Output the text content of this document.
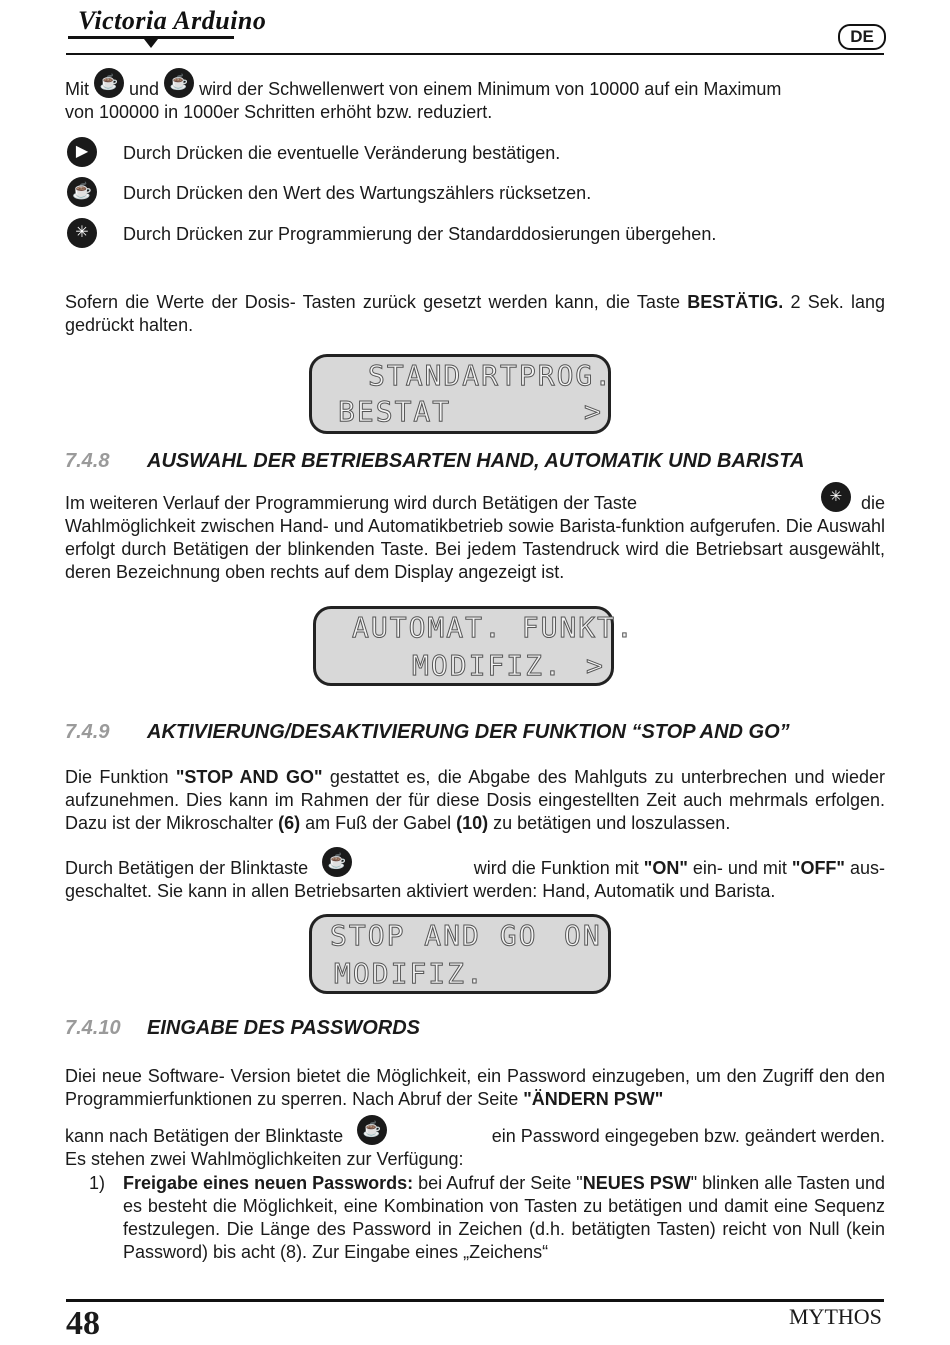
Victoria Arduino
DE
Mit ☕ und ☕ wird der Schwellenwert von einem Minimum von 10000 auf ein Maximum
von 100000 in 1000er Schritten erhöht bzw. reduziert.
▶	Durch Drücken die eventuelle Veränderung bestätigen.
☕ Durch Drücken den Wert des Wartungszählers rücksetzen.
✳	Durch Drücken zur Programmierung der Standarddosierungen übergehen.
Sofern die Werte der Dosis- Tasten zurück gesetzt werden kann, die Taste BESTÄTIG. 2 Sek. lang gedrückt halten.
STANDARTPROG.
BESTAT	>
7.4.8 AUSWAHL DER BETRIEBSARTEN HAND, AUTOMATIK UND BARISTA
Im weiteren Verlauf der Programmierung wird durch Betätigen der Taste	✳	die
Wahlmöglichkeit zwischen Hand- und Automatikbetrieb sowie Barista-funktion aufgerufen. Die Auswahl erfolgt durch Betätigen der blinkenden Taste. Bei jedem Tastendruck wird die Betriebsart ausgewählt, deren Bezeichnung oben rechts auf dem Display angezeigt ist.
AUTOMAT. FUNKT.
MODIFIZ. >
7.4.9 AKTIVIERUNG/DESAKTIVIERUNG DER FUNKTION “STOP AND GO”
Die Funktion "STOP AND GO" gestattet es, die Abgabe des Mahlguts zu unterbrechen und wieder aufzunehmen. Dies kann im Rahmen der für diese Dosis eingestellten Zeit auch mehrmals erfolgen. Dazu ist der Mikroschalter (6) am Fuß der Gabel (10) zu betätigen und loszulassen.
Durch Betätigen der Blinktaste	☕	wird die Funktion mit "ON" ein- und mit "OFF" aus-
geschaltet. Sie kann in allen Betriebsarten aktiviert werden: Hand, Automatik und Barista.
STOP AND GO ON
MODIFIZ.
7.4.10 EINGABE DES PASSWORDS
Diei neue Software- Version bietet die Möglichkeit, ein Password einzugeben, um den Zugriff den den Programmierfunktionen zu sperren. Nach Abruf der Seite "ÄNDERN PSW"
kann nach Betätigen der Blinktaste	☕	ein Password eingegeben bzw. geändert werden.
Es stehen zwei Wahlmöglichkeiten zur Verfügung:
1) Freigabe eines neuen Passwords: bei Aufruf der Seite "NEUES PSW" blinken alle Tasten und es besteht die Möglichkeit, eine Kombination von Tasten zu betätigen und damit eine Sequenz festzulegen. Die Länge des Password in Zeichen (d.h. betätigten Tasten) reicht von Null (kein Password) bis acht (8). Zur Eingabe eines „Zeichens“
48	MYTHOS
